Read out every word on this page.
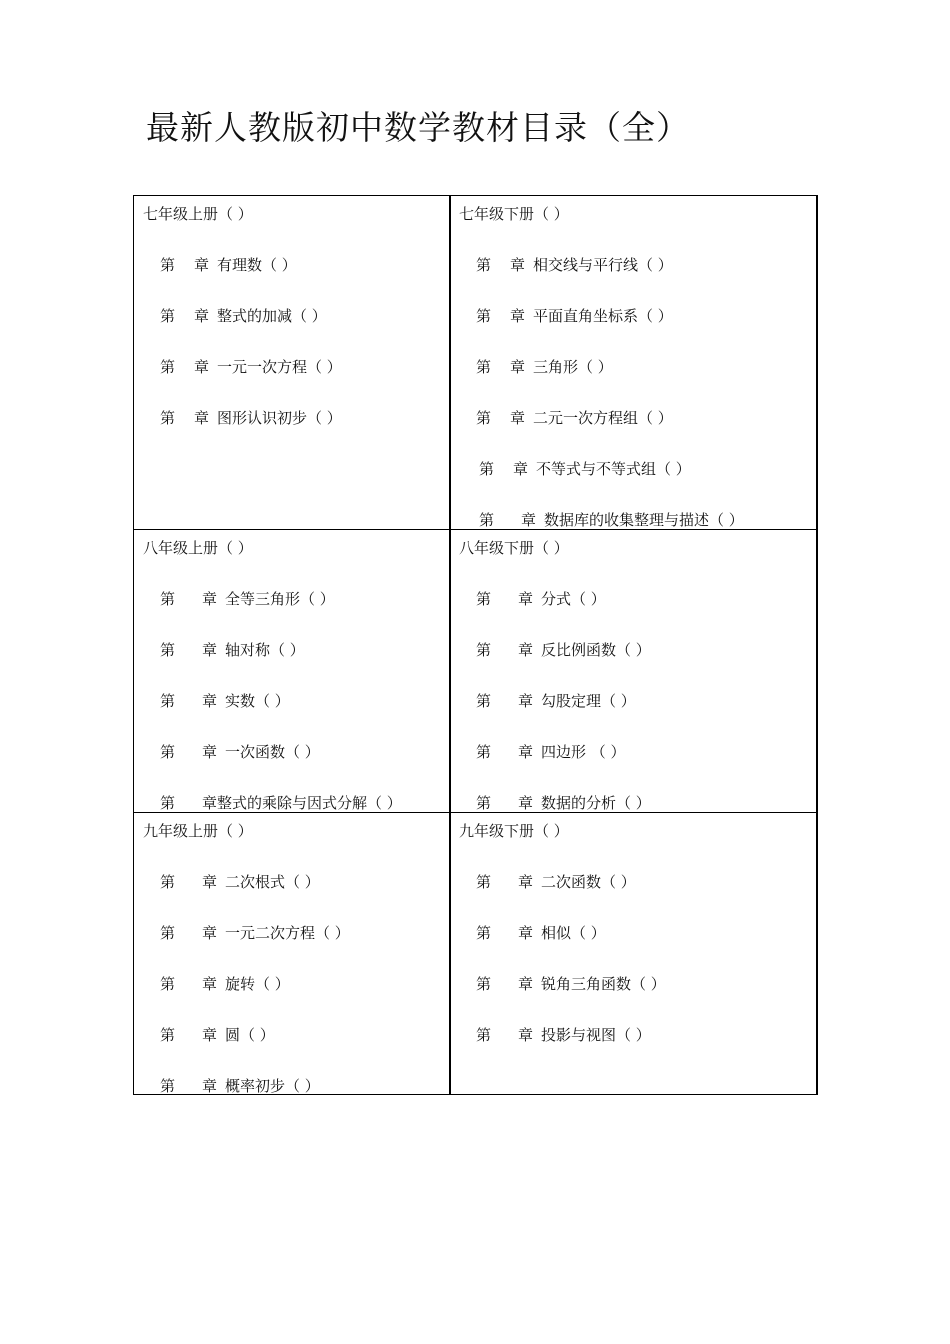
最新人教版初中数学教材目录（全）
七年级上册（ ）
第 章 有理数（ ）
第 章 整式的加减（ ）
第 章 一元一次方程（ ）
第 章 图形认识初步（ ）
七年级下册（ ）
第 章 相交线与平行线（ ）
第 章 平面直角坐标系（ ）
第 章 三角形（ ）
第 章 二元一次方程组（ ）
第 章 不等式与不等式组（ ）
第 章 数据库的收集整理与描述（ ）
八年级上册（ ）
第 章 全等三角形（ ）
第 章 轴对称（ ）
第 章 实数（ ）
第 章 一次函数（ ）
第 章整式的乘除与因式分解（ ）
八年级下册（ ）
第 章 分式（ ）
第 章 反比例函数（ ）
第 章 勾股定理（ ）
第 章 四边形 （ ）
第 章 数据的分析（ ）
九年级上册（ ）
第 章 二次根式（ ）
第 章 一元二次方程（ ）
第 章 旋转（ ）
第 章 圆（ ）
第 章 概率初步（ ）
九年级下册（ ）
第 章 二次函数（ ）
第 章 相似（ ）
第 章 锐角三角函数（ ）
第 章 投影与视图（ ）
